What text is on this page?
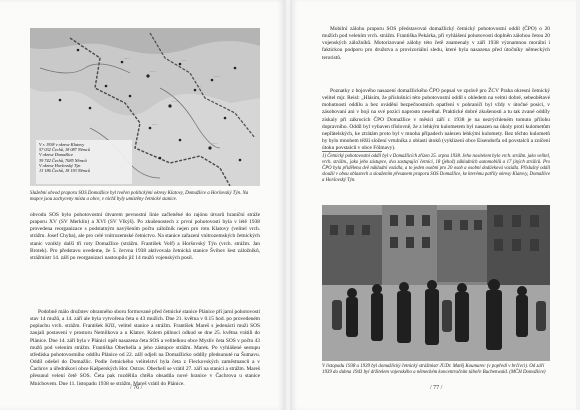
·····
·····
·····
····
·····
······
····
·····
·····
V r. 1938 v okrese Klatovy
57 032 Čechů, 18 087 Němců
V okrese Domažlice
39 742 Čechů, 7085 Němců
V okrese Horšovský Týn
13 186 Čechů, 18 193 Němců
Služební obvod praporu SOS Domažlice byl tvořen politickými okresy Klatovy, Domažlice a Horšovský Týn. Na mapce jsou zachyceny místa a obce, v nichž byly umístěny četnické stanice.

obvodu SOS bylo pohotovostní útvarem pevnostní linie začleněné do rajónu útvarů hraniční stráže praporu XV (SV Merklín) a XVI (SV Vlkýš). Po zkušenostech z první pohotovosti byla v létě 1938 provedena reorganizace s podstatným navýšením počtu záložník nejen pro rotu Klatovy (velitel vrch. strážm. Josef Chyba), ale pro celé vnitrozemské četnictvo. Na stanice zařazení vnitrozemských četnických stanic vznikly další tři roty Domažlice (strážm. František Volf) a Horšovský Týn (vrch. strážm. Jan Brotek). Pro představu uvedeme, že 5. června 1938 aktivovala četnická stanice Švihov šest záložníků, strážmistr 14. září po reorganizaci nastoupilo již 14 mužů vojenských posil.

Podobně málo družstev obranného sboru formované před četnické stanice Plánice při jarní pohotovosti stav 14 mužů, a 14. září ale byla vytvořena četa o 43 mužích. Dne 21. května v 0.15 hod. po provedeném poplachu vrch. strážm. František Kříž, velitel stanice a strážm. František Mareš s jedenácti muži SOS zaujali postavení v prostoru Nemilkova a u Klatov. Kolem půlnoci odkud se dne 25. května vrátili do Plánice. Dne 14. září byla v Plánici opět nasazena četa SOS a velitelkou obce Myslív četa SOS v počtu 43 mužů pod velením strážm. Františka Oberhella a jeho zástupce strážm. Marek. Po vyhlášené sestupu střediska pohotovostního oddílu Plánice od 22. září odjeli na Domažlicko oddíly předsunuté na Šumavu. Oddíl odešel do Domažlic. Podle četnického velitelství byla četa z Fleckovských zaměstnanců a v Čachrov a úředníkovi obce Kašperských Hor. Ostrav. Oberhell se vrátil 27. září na stanici a strážm. Mareš přesunul velení četě SOS. Četa pak rozdělila chtěla obsadila nové hranice v Čachrova u stanice Mnichovem. Dne 11. listopadu 1938 se strážm. Mareš vrátil do Plánice.

/ 76 /

Mobilní zálohu praporu SOS představoval domažlický četnický pohotovostní oddíl (ČPO) o 20 mužích pod velením vrch. strážm. Františka Pekárka, při vyhlášení pohotovosti doplněn zálohou četou 20 vojenských záložníků. Motorizované zálohy této četě znamenaly v září 1938 významnou morální i faktickou podporu pro družstva a provizoriální sledu, které byla nasazena před útočníky německých teroristů.

Poznatky z bojového nasazení domažlického ČPO popsal ve zprávě pro ŽCV Praha okresní četnický velitel mjr. Reisl: „Hlásím, že příslušníci této pohotovostní oddíl s ohledem na velmi dobré, sebeobětavé mohutnosti oddílu a bez uvádění bezpečnostních opatření v pohraničí byl vždy v útočné posici, v zásobovaní ani v boji na své pozici naprosto neselhal. Praktické dobré zkušenosti a tu tak zvané oddíly získaly při zákrocích ČPO Domažlice v měsíci září r. 1938 je na nezrýchleném tomuto přílohu dopravního. Oddíl byl vybaven tříslovně, že z lehkým kulometem byl nasazen na úkoly proti kulometům nepřátelských, ke ztrátám proto byl v mnoha případech nalezen lehkými kulomety. Bez těchto kulometů by bylo mnohem těžší složení vrtulníka z oblasti útoků (vyklizení obce Eisendorfa od povstalců a zničení útoku povstalců v obce Fölmavy).

1) Četnický pohotovostní oddíl byl v Domažlicích zřízen 25. srpna 1938. Jeho nositelem bylo vrch. strážm. jako velitel, vrch. strážm., jako jeho zástupce, dva zastupující četníci, 18 (jehož) základních automobilů a 17 jiných strážců. Pro ČPO byla přidělena dvě nákladní vozidla, a to jeden osobní pro 20 osob a osobní dodávková vozidla. Příslušný oddíl sloužil v obou oblastech a sloužením přesunem praporu SOS Domažlice, ke kterému patřily okresy Klatovy, Domažlice a Horšovský Týn.
V listopadu 1938 a 1939 byl domažlický četnický strážmistr JUDr. Matěj Koumarec (v popředí v brčivci). Od září 1939 do dubna 1943 byl držitelem vojenského a německém koncentračním táboře Buchenwald. (MČH Domažlice)
/ 77 /
